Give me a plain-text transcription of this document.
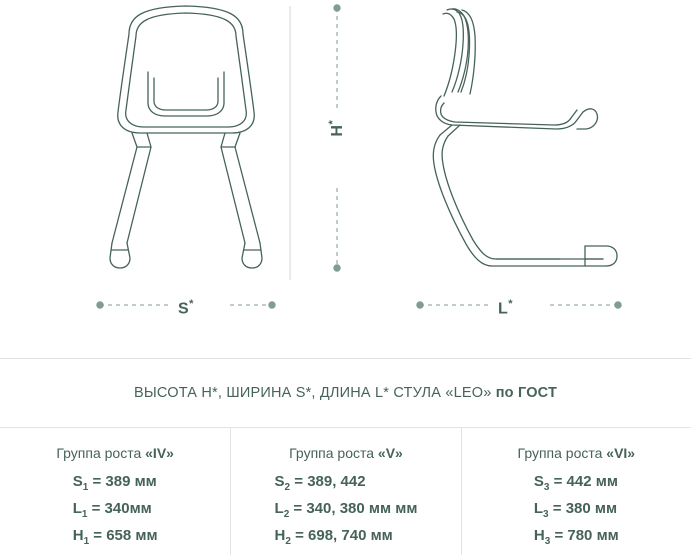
H*
S*	L*
ВЫСОТА H*, ШИРИНА S*, ДЛИНА L* СТУЛА «LEO» по ГОСТ
Группа роста «IV»
$S_1 = 389$ мм
$L_1 = 340мм$
$H_1 = 658$ мм
Группа роста «V»
$S_2 = 389$, 442
$L_2 = 340$, 380 мм мм
$H_2 = 698$, 740 мм
Группа роста «VI»
$S_3 = 442$ мм
$L_3 = 380$ мм
$H_3 = 780$ мм
